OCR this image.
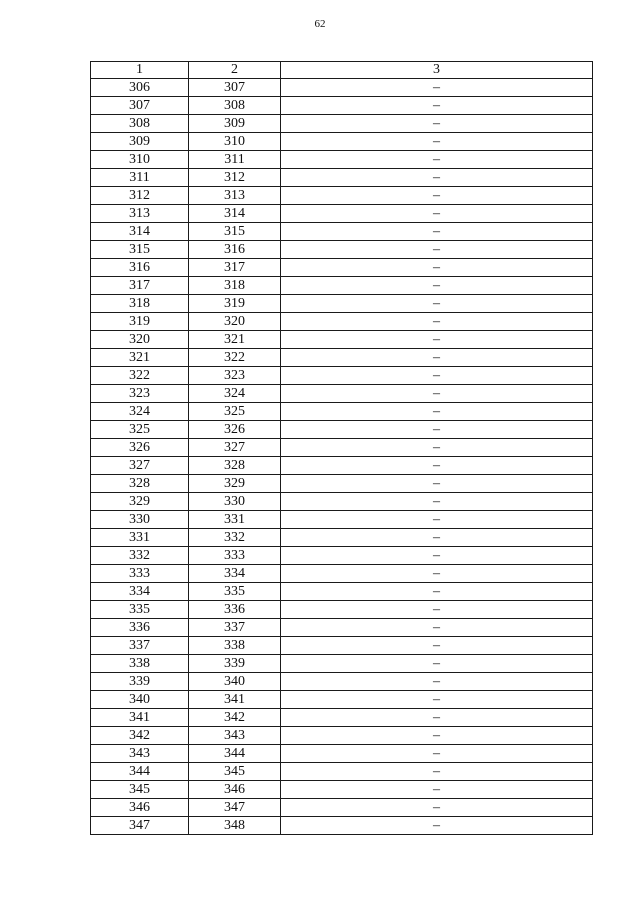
62
1	2	3
306	307	–
307	308	–
308	309	–
309	310	–
310	311	–
311	312	–
312	313	–
313	314	–
314	315	–
315	316	–
316	317	–
317	318	–
318	319	–
319	320	–
320	321	–
321	322	–
322	323	–
323	324	–
324	325	–
325	326	–
326	327	–
327	328	–
328	329	–
329	330	–
330	331	–
331	332	–
332	333	–
333	334	–
334	335	–
335	336	–
336	337	–
337	338	–
338	339	–
339	340	–
340	341	–
341	342	–
342	343	–
343	344	–
344	345	–
345	346	–
346	347	–
347	348	–
